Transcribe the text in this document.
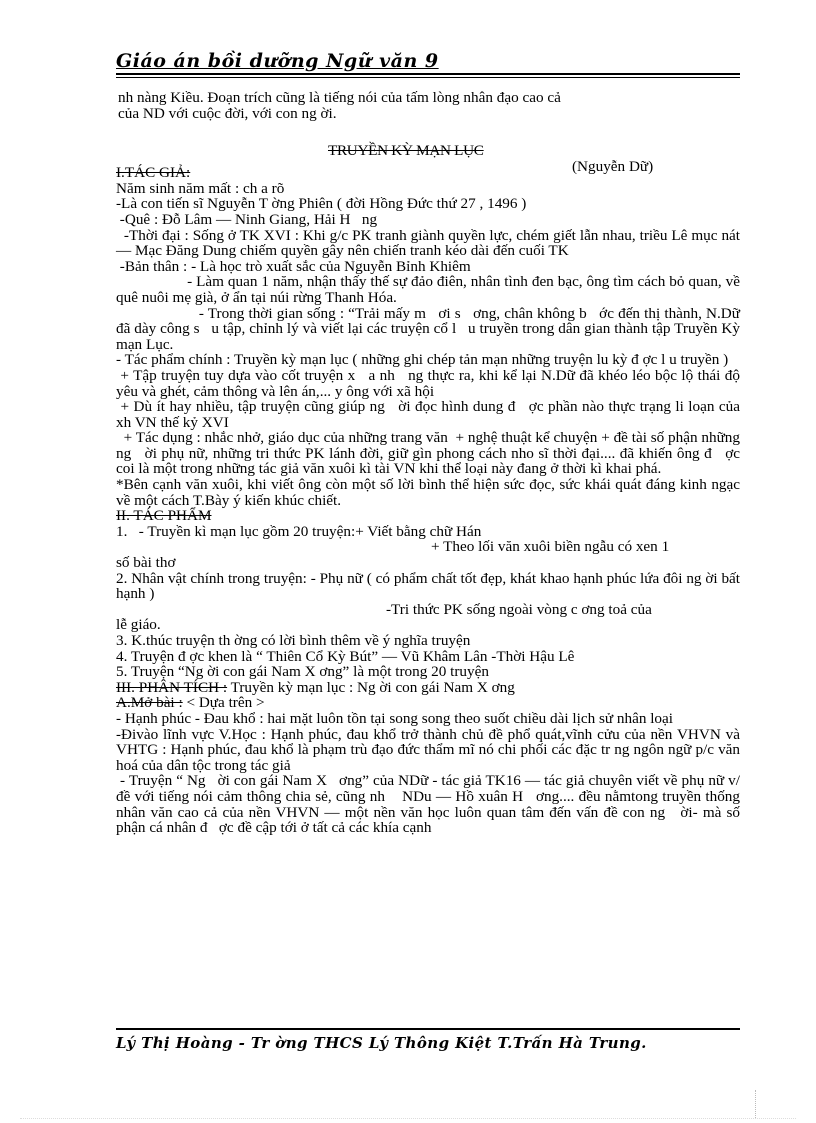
Giáo án bồi dưỡng Ngữ văn 9

nh nàng Kiều. Đoạn trích cũng là tiếng nói của tấm lòng nhân đạo cao cả

của ND với cuộc đời, với con ng ời.

TRUYỀN KỲ MẠN LỤC
(Nguyễn Dữ)

I.TÁC GIẢ:

Năm sinh năm mất : ch a rõ

-Là con tiến sĩ Nguyễn T ờng Phiên ( đời Hồng Đức thứ 27 , 1496 )

-Quê : Đỗ Lâm — Ninh Giang, Hải H   ng

-Thời đại : Sống ở TK XVI : Khi g/c PK tranh giành quyền lực, chém giết lẫn nhau, triều Lê mục nát — Mạc Đăng Dung chiếm quyền gây nên chiến tranh kéo dài đến cuối TK

-Bản thân : - Là học trò xuất sắc của Nguyễn Bỉnh Khiêm

- Làm quan 1 năm, nhận thấy thế sự đảo điên, nhân tình đen bạc, ông tìm cách bỏ quan, về quê nuôi mẹ già, ở ẩn tại núi rừng Thanh Hóa.

- Trong thời gian sống : “Trải mấy m   ơi s   ơng, chân không b   ớc đến thị thành, N.Dữ đã dày công s   u tập, chỉnh lý và viết lại các truyện cổ l   u truyền trong dân gian thành tập Truyền Kỳ mạn Lục.

- Tác phẩm chính : Truyền kỳ mạn lục ( những ghi chép tản mạn những truyện lu kỳ đ ợc l u truyền )

+ Tập truyện tuy dựa vào cốt truyện x   a nh   ng thực ra, khi kể lại N.Dữ đã khéo léo bộc lộ thái độ yêu và ghét, cảm thông và lên án,... y ông với xã hội

+ Dù ít hay nhiều, tập truyện cũng giúp ng   ời đọc hình dung đ   ợc phần nào thực trạng li loạn của xh VN thế kỷ XVI

+ Tác dụng : nhắc nhở, giáo dục của những trang văn  + nghệ thuật kể chuyện + đề tài số phận những ng   ời phụ nữ, những tri thức PK lánh đời, giữ gìn phong cách nho sĩ thời đại.... đã khiến ông đ   ợc coi là một trong những tác giả văn xuôi kì tài VN khi thể loại này đang ở thời kì khai phá.

*Bên cạnh văn xuôi, khi viết ông còn một số lời bình thể hiện sức đọc, sức khái quát đáng kinh ngạc về một cách T.Bày ý kiến khúc chiết.

II. TÁC PHẨM

1.   - Truyền kì mạn lục gồm 20 truyện:+ Viết bằng chữ Hán

+ Theo lối văn xuôi biền ngẫu có xen 1

số bài thơ

2. Nhân vật chính trong truyện: - Phụ nữ ( có phẩm chất tốt đẹp, khát khao hạnh phúc lứa đôi ng ời bất hạnh )

-Tri thức PK sống ngoài vòng c ơng toả của

lễ giáo.

3. K.thúc truyện th ờng có lời bình thêm về ý nghĩa truyện

4. Truyện đ ợc khen là “ Thiên Cổ Kỳ Bút” — Vũ Khâm Lân -Thời Hậu Lê

5. Truyện “Ng ời con gái Nam X ơng” là một trong 20 truyện

III. PHÂN TÍCH : Truyền kỳ mạn lục : Ng ời con gái Nam X ơng

A.Mở bài : < Dựa trên >

- Hạnh phúc - Đau khổ : hai mặt luôn tồn tại song song theo suốt chiều dài lịch sử nhân loại

-Đivào lĩnh vực V.Học : Hạnh phúc, đau khổ trở thành chủ đề phổ quát,vĩnh cửu của nền VHVN và VHTG : Hạnh phúc, đau khổ là phạm trù đạo đức thẩm mĩ nó chi phối các đặc tr ng ngôn ngữ p/c văn hoá của dân tộc trong tác giả

- Truyện “ Ng   ời con gái Nam X   ơng” của NDữ - tác giả TK16 — tác giả chuyên viết về phụ nữ v/đề với tiếng nói cảm thông chia sẻ, cũng nh    NDu — Hồ xuân H   ơng.... đều nằmtong truyền thống nhân văn cao cả của nền VHVN — một nền văn học luôn quan tâm đến vấn đề con ng   ời- mà số phận cá nhân đ   ợc đề cập tới ở tất cả các khía cạnh

Lý Thị Hoàng - Tr ờng THCS Lý Thông Kiệt T.Trấn Hà Trung.
